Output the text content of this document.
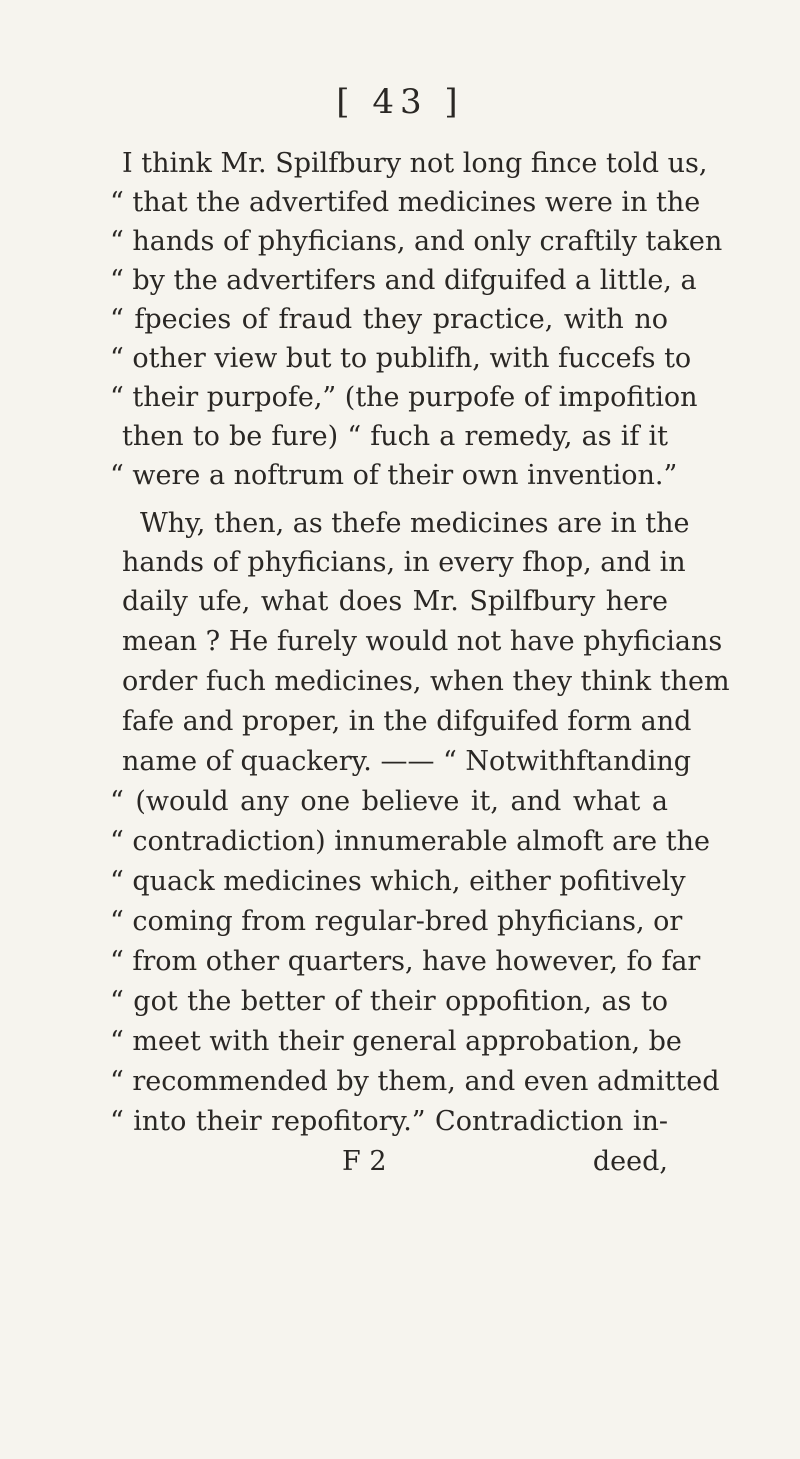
[ 43 ]
I think Mr. Spilfbury not long fince told us,
“ that the advertifed medicines were in the
“ hands of phyficians, and only craftily taken
“ by the advertifers and difguifed a little, a
“ fpecies of fraud they practice, with no
“ other view but to publifh, with fuccefs to
“ their purpofe,” (the purpofe of impofition
then to be fure) “ fuch a remedy, as if it
“ were a noftrum of their own invention.”
Why, then, as thefe medicines are in the
hands of phyficians, in every fhop, and in
daily ufe, what does Mr. Spilfbury here
mean ? He furely would not have phyficians
order fuch medicines, when they think them
fafe and proper, in the difguifed form and
name of quackery. —— “ Notwithftanding
“ (would any one believe it, and what a
“ contradiction) innumerable almoft are the
“ quack medicines which, either pofitively
“ coming from regular-bred phyficians, or
“ from other quarters, have however, fo far
“ got the better of their oppofition, as to
“ meet with their general approbation, be
“ recommended by them, and even admitted
“ into their repofitory.” Contradiction in-
F 2	deed,
